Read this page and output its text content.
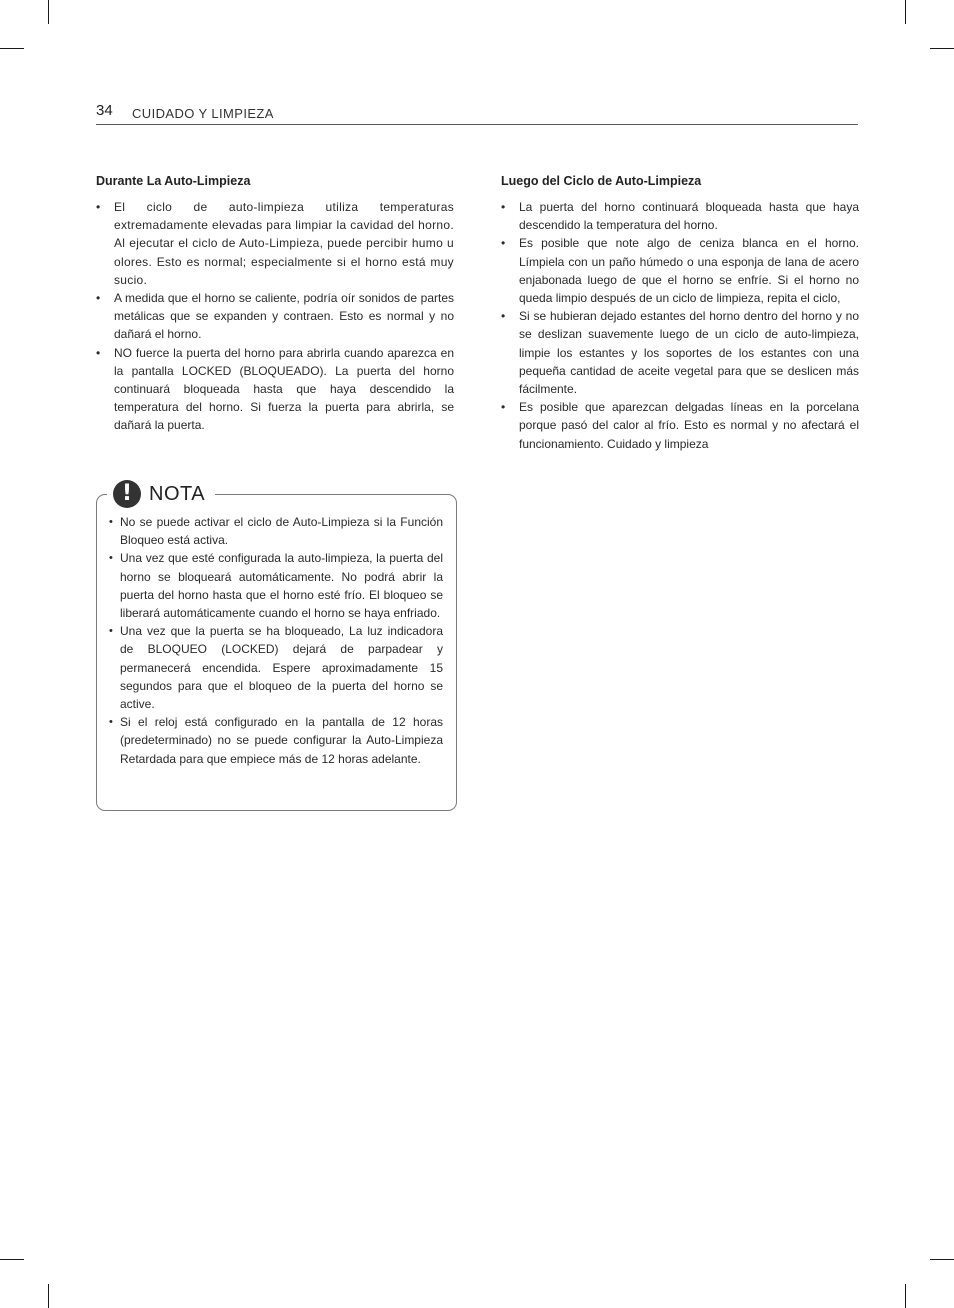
34 CUIDADO Y LIMPIEZA
Durante La Auto-Limpieza
• El ciclo de auto-limpieza utiliza temperaturas extremadamente elevadas para limpiar la cavidad del horno. Al ejecutar el ciclo de Auto-Limpieza, puede percibir humo u olores. Esto es normal; especialmente si el horno está muy sucio.
• A medida que el horno se caliente, podría oír sonidos de partes metálicas que se expanden y contraen. Esto es normal y no dañará el horno.
• NO fuerce la puerta del horno para abrirla cuando aparezca en la pantalla LOCKED (BLOQUEADO). La puerta del horno continuará bloqueada hasta que haya descendido la temperatura del horno. Si fuerza la puerta para abrirla, se dañará la puerta.
Luego del Ciclo de Auto-Limpieza
• La puerta del horno continuará bloqueada hasta que haya descendido la temperatura del horno.
• Es posible que note algo de ceniza blanca en el horno. Límpiela con un paño húmedo o una esponja de lana de acero enjabonada luego de que el horno se enfríe. Si el horno no queda limpio después de un ciclo de limpieza, repita el ciclo,
• Si se hubieran dejado estantes del horno dentro del horno y no se deslizan suavemente luego de un ciclo de auto-limpieza, limpie los estantes y los soportes de los estantes con una pequeña cantidad de aceite vegetal para que se deslicen más fácilmente.
• Es posible que aparezcan delgadas líneas en la porcelana porque pasó del calor al frío. Esto es normal y no afectará el funcionamiento. Cuidado y limpieza
! NOTA
• No se puede activar el ciclo de Auto-Limpieza si la Función Bloqueo está activa.
• Una vez que esté configurada la auto-limpieza, la puerta del horno se bloqueará automáticamente. No podrá abrir la puerta del horno hasta que el horno esté frío. El bloqueo se liberará automáticamente cuando el horno se haya enfriado.
• Una vez que la puerta se ha bloqueado, La luz indicadora de BLOQUEO (LOCKED) dejará de parpadear y permanecerá encendida. Espere aproximadamente 15 segundos para que el bloqueo de la puerta del horno se active.
• Si el reloj está configurado en la pantalla de 12 horas (predeterminado) no se puede configurar la Auto-Limpieza Retardada para que empiece más de 12 horas adelante.
